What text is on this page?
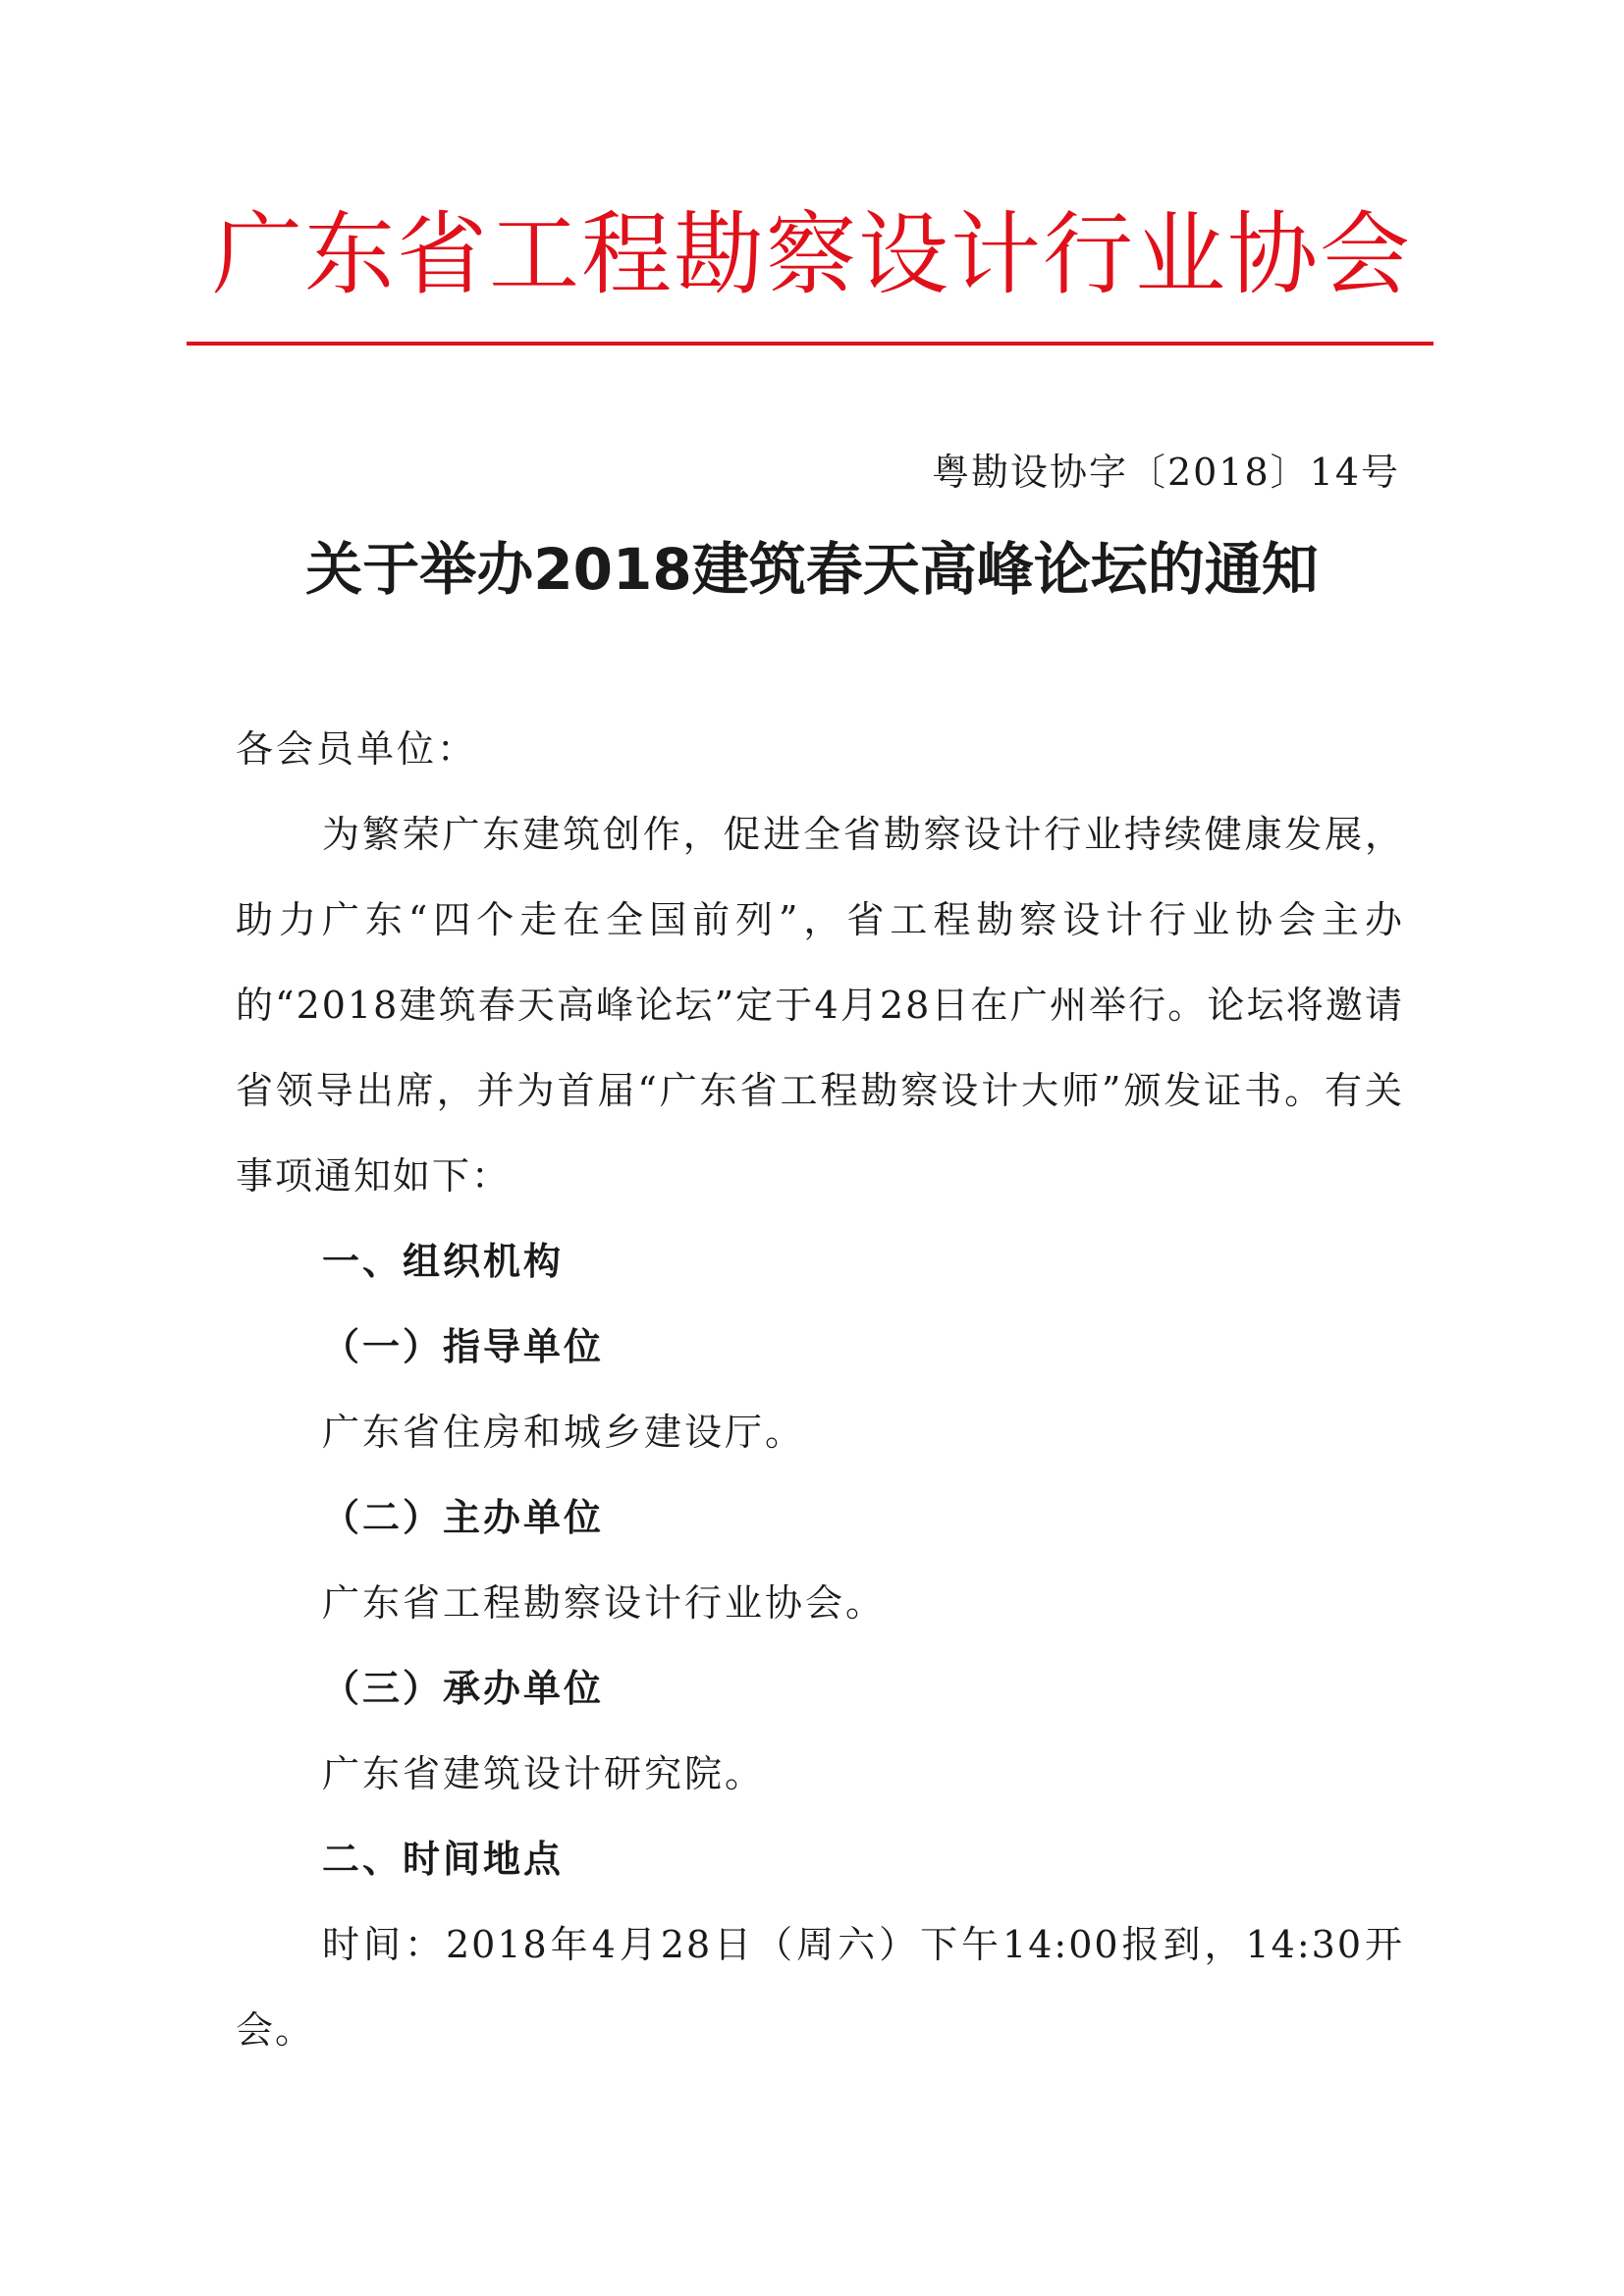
广东省工程勘察设计行业协会
粤勘设协字〔2018〕14号
关于举办2018建筑春天高峰论坛的通知

各会员单位：

为繁荣广东建筑创作，促进全省勘察设计行业持续健康发展，助力广东“四个走在全国前列”，省工程勘察设计行业协会主办的“2018建筑春天高峰论坛”定于4月28日在广州举行。论坛将邀请省领导出席，并为首届“广东省工程勘察设计大师”颁发证书。有关事项通知如下：

一、组织机构

（一）指导单位

广东省住房和城乡建设厅。

（二）主办单位

广东省工程勘察设计行业协会。

（三）承办单位

广东省建筑设计研究院。

二、时间地点

时间：2018年4月28日（周六）下午14:00报到，14:30开会。
